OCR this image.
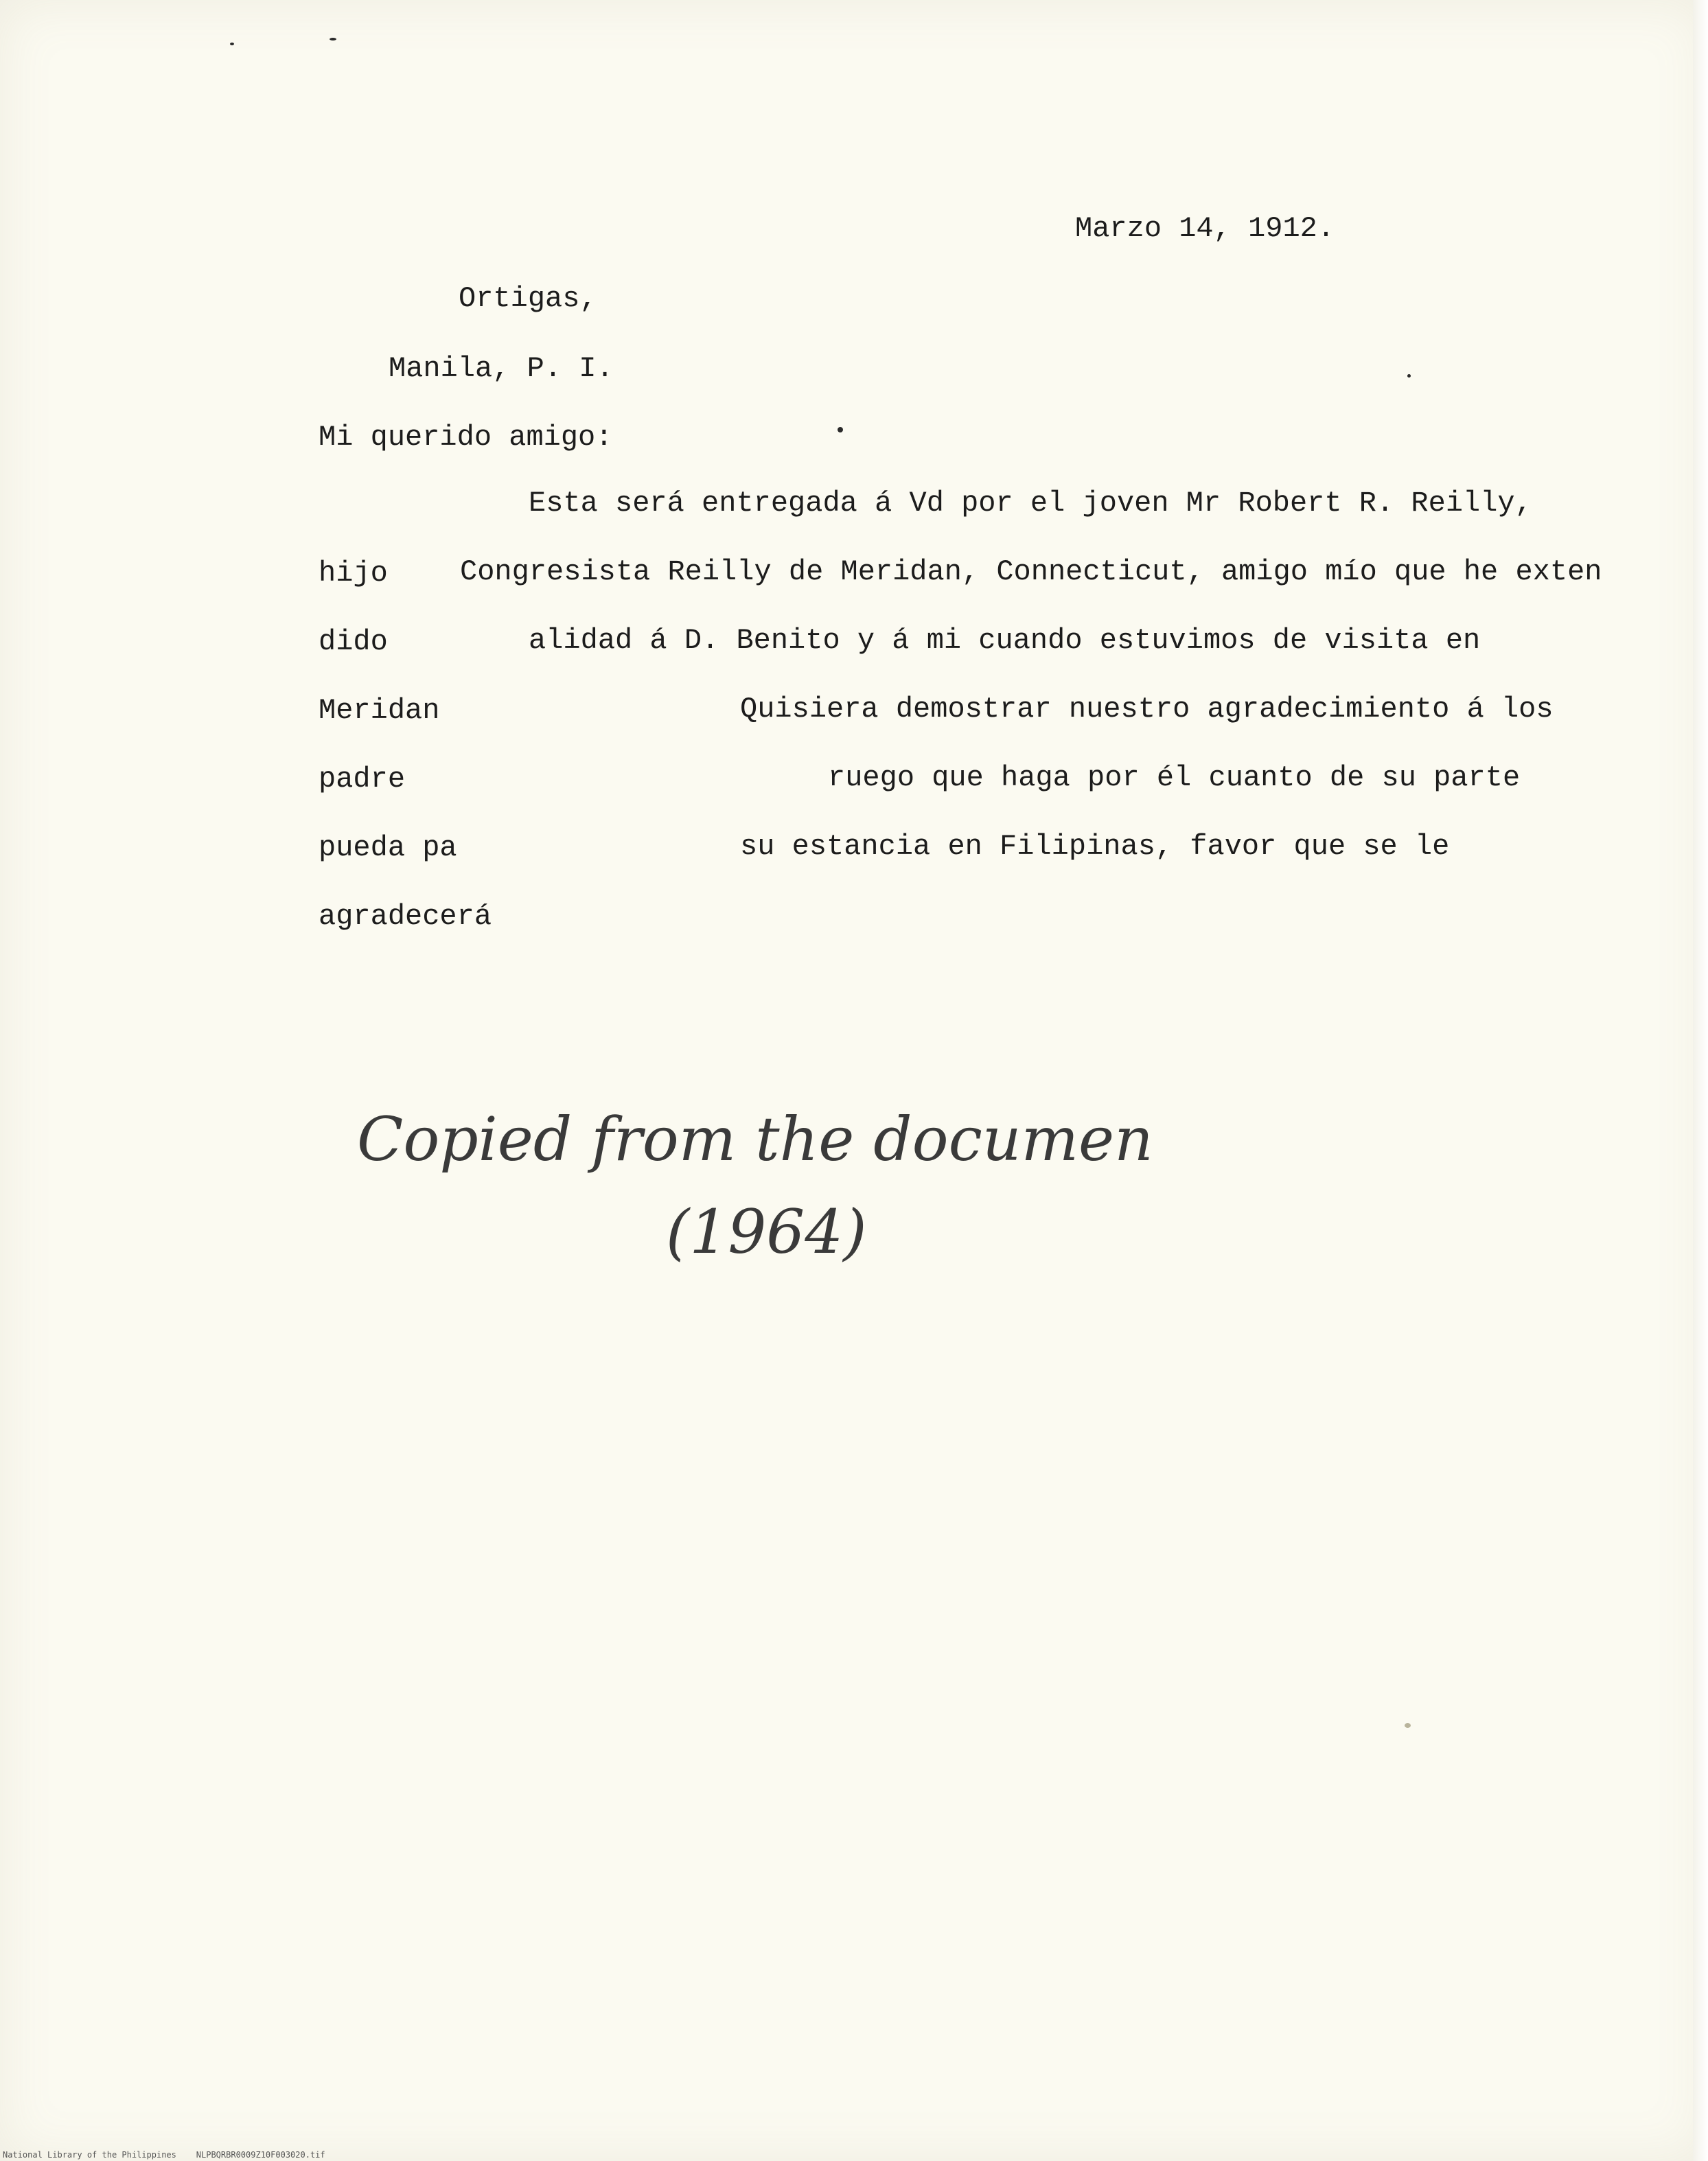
Marzo 14, 1912.
Ortigas,
Manila, P. I.
Mi querido amigo:
Esta será entregada á Vd por el joven Mr Robert R. Reilly,
hijo	Congresista Reilly de Meridan, Connecticut, amigo mío que he exten
dido	alidad á D. Benito y á mi cuando estuvimos de visita en
Meridan	Quisiera demostrar nuestro agradecimiento á los
padre	ruego que haga por él cuanto de su parte
pueda pa	su estancia en Filipinas, favor que se le
agradecerá
Copied from the document.
(1964)
National Library of the Philippines NLPBQRBR0009Z10F003020.tif
